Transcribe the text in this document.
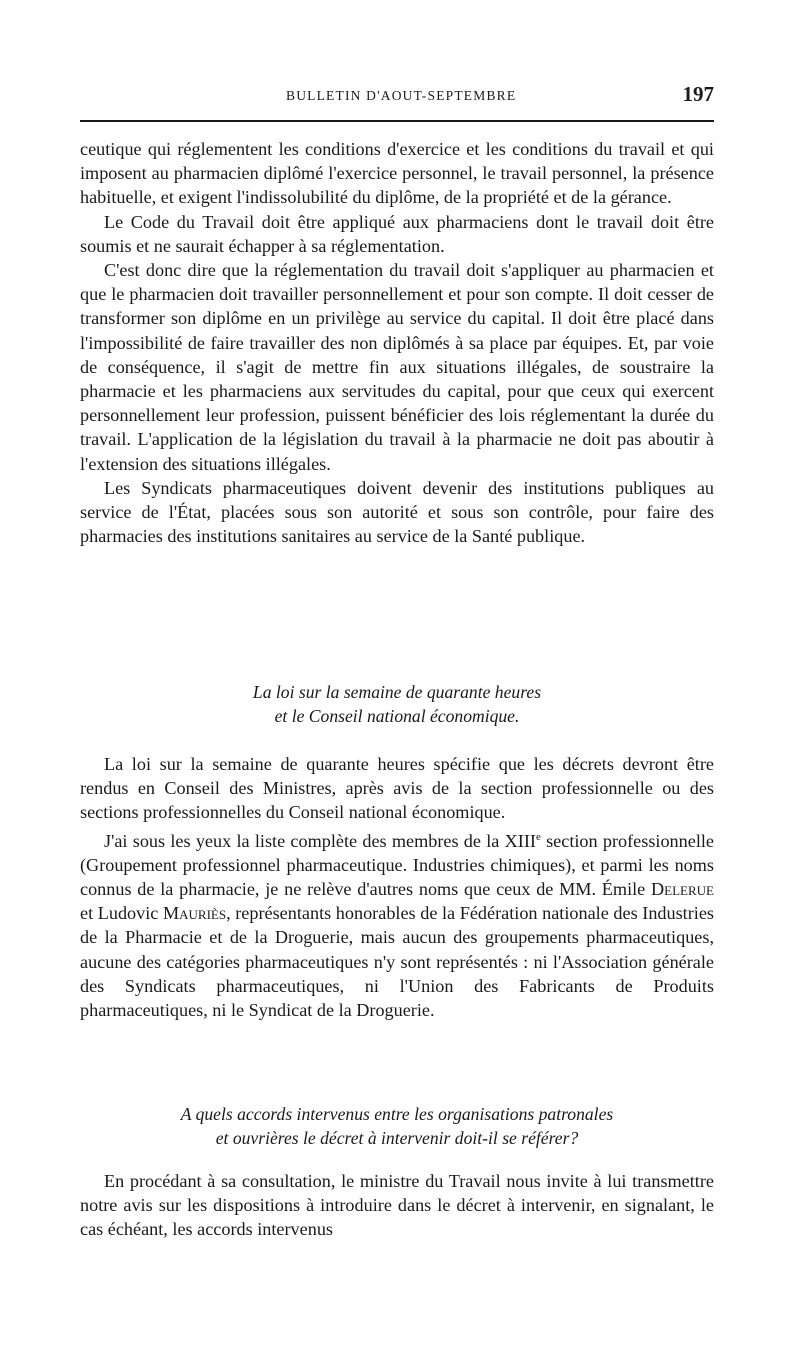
BULLETIN D'AOUT-SEPTEMBRE	197

ceutique qui réglementent les conditions d'exercice et les conditions du travail et qui imposent au pharmacien diplômé l'exercice personnel, le travail personnel, la présence habituelle, et exigent l'indissolubilité du diplôme, de la propriété et de la gérance.

Le Code du Travail doit être appliqué aux pharmaciens dont le travail doit être soumis et ne saurait échapper à sa réglementation.

C'est donc dire que la réglementation du travail doit s'appliquer au pharmacien et que le pharmacien doit travailler personnellement et pour son compte. Il doit cesser de transformer son diplôme en un privilège au service du capital. Il doit être placé dans l'impossibilité de faire travailler des non diplômés à sa place par équipes. Et, par voie de conséquence, il s'agit de mettre fin aux situations illégales, de soustraire la pharmacie et les pharmaciens aux servitudes du capital, pour que ceux qui exercent personnellement leur profession, puissent bénéficier des lois réglementant la durée du travail. L'application de la législation du travail à la pharmacie ne doit pas aboutir à l'extension des situations illégales.

Les Syndicats pharmaceutiques doivent devenir des institutions publiques au service de l'État, placées sous son autorité et sous son contrôle, pour faire des pharmacies des institutions sanitaires au service de la Santé publique.

La loi sur la semaine de quarante heures
et le Conseil national économique.

La loi sur la semaine de quarante heures spécifie que les décrets devront être rendus en Conseil des Ministres, après avis de la section professionnelle ou des sections professionnelles du Conseil national économique.

J'ai sous les yeux la liste complète des membres de la XIIIe section professionnelle (Groupement professionnel pharmaceutique. Industries chimiques), et parmi les noms connus de la pharmacie, je ne relève d'autres noms que ceux de MM. Émile Delerue et Ludovic Mauriès, représentants honorables de la Fédération nationale des Industries de la Pharmacie et de la Droguerie, mais aucun des groupements pharmaceutiques, aucune des catégories pharmaceutiques n'y sont représentés : ni l'Association générale des Syndicats pharmaceutiques, ni l'Union des Fabricants de Produits pharmaceutiques, ni le Syndicat de la Droguerie.

A quels accords intervenus entre les organisations patronales
et ouvrières le décret à intervenir doit-il se référer?

En procédant à sa consultation, le ministre du Travail nous invite à lui transmettre notre avis sur les dispositions à introduire dans le décret à intervenir, en signalant, le cas échéant, les accords intervenus
